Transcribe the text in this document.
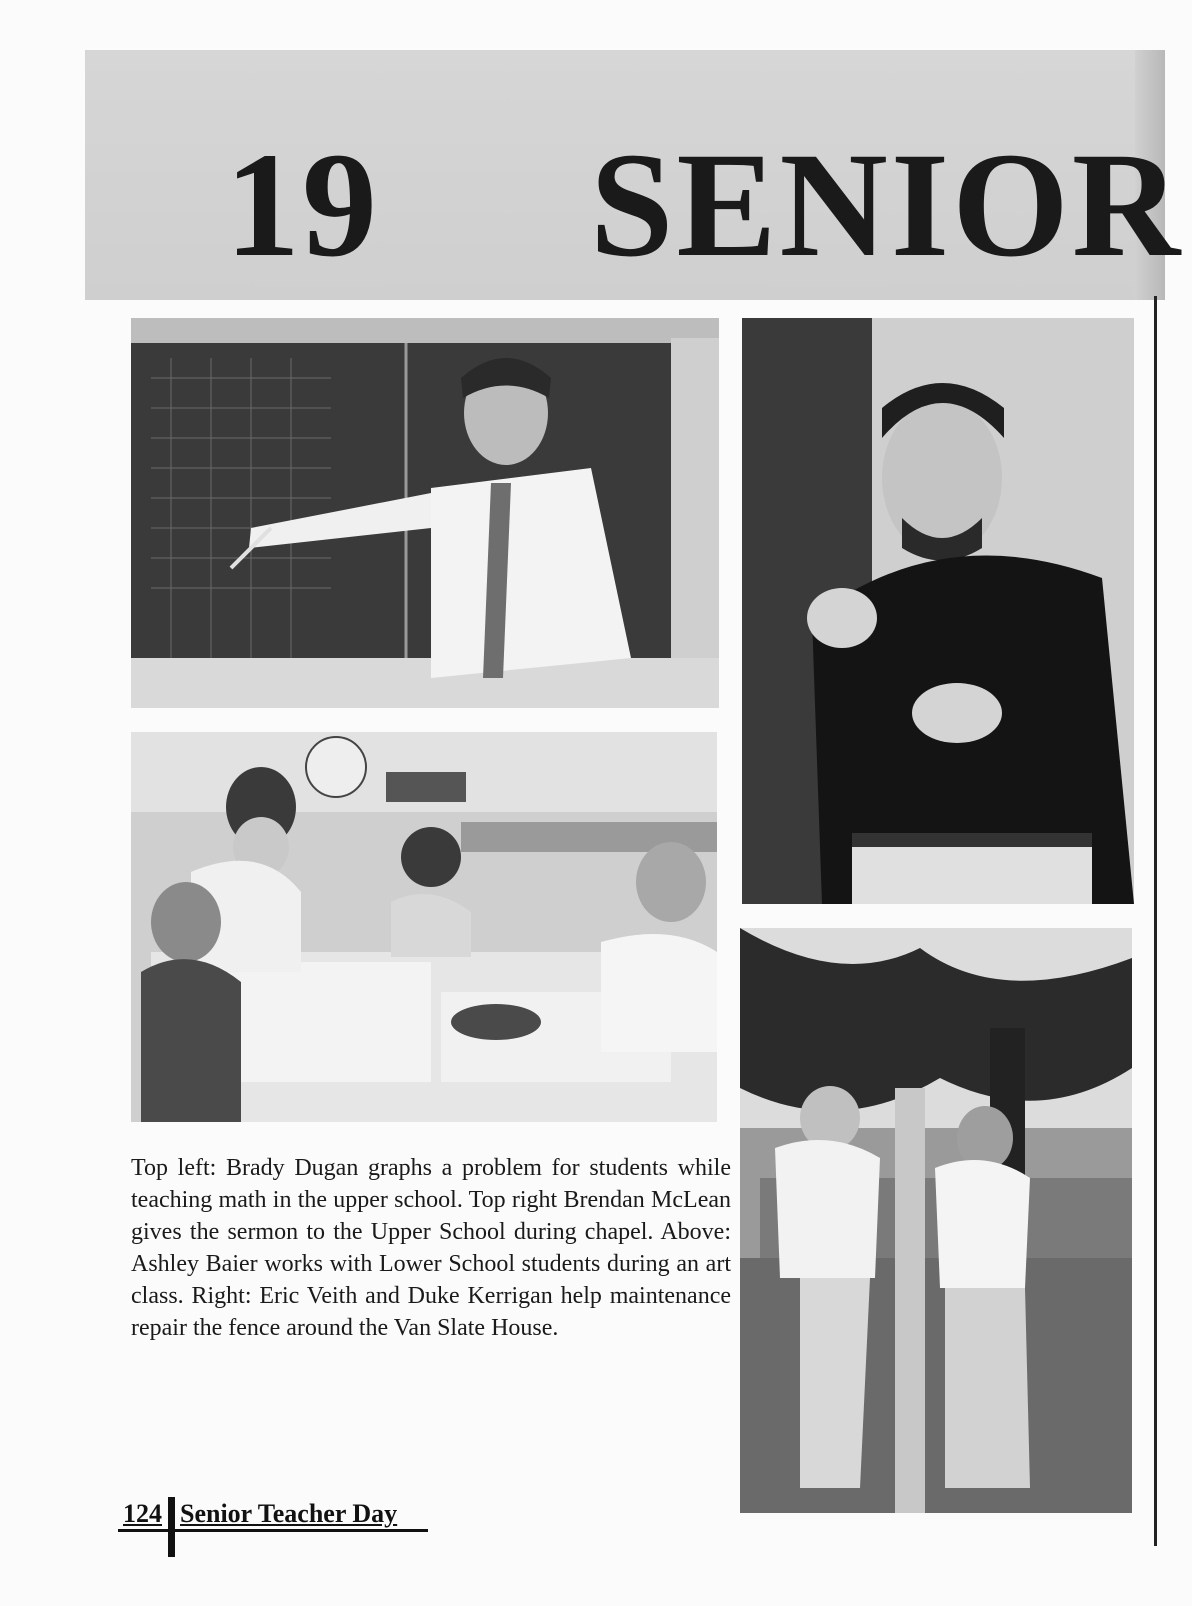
19 SENIOR
Top left: Brady Dugan graphs a problem for students while teaching math in the upper school. Top right Brendan McLean gives the sermon to the Upper School during chapel. Above: Ashley Baier works with Lower School students during an art class. Right: Eric Veith and Duke Kerrigan help maintenance repair the fence around the Van Slate House.
124 Senior Teacher Day
